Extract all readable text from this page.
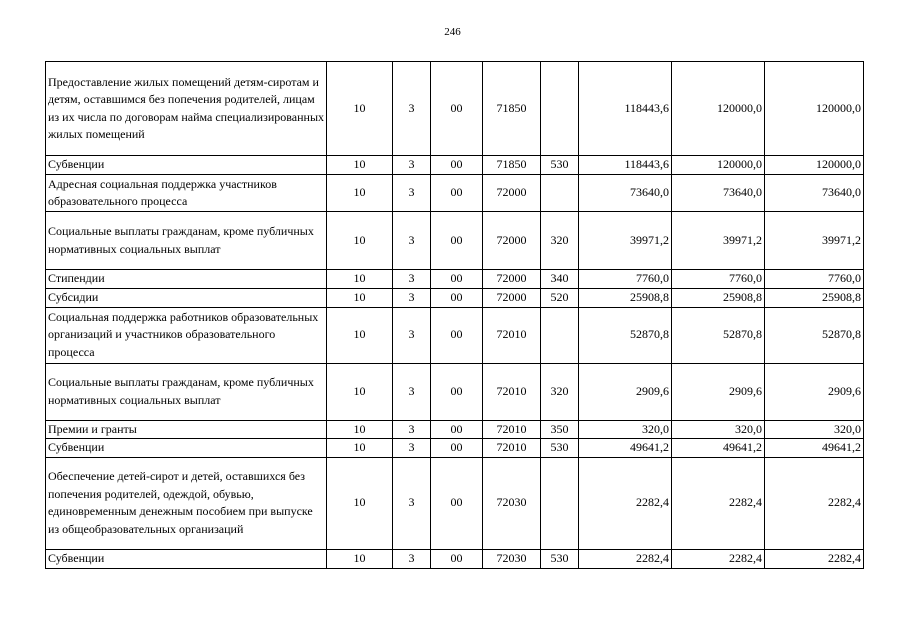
246
Предоставление жилых помещений детям-сиротам и детям, оставшимся без попечения родителей, лицам из их числа по договорам найма специализированных жилых помещений	10	3	00	71850		118443,6	120000,0	120000,0
Субвенции	10	3	00	71850	530	118443,6	120000,0	120000,0
Адресная социальная поддержка участников образовательного процесса	10	3	00	72000		73640,0	73640,0	73640,0
Социальные выплаты гражданам, кроме публичных нормативных социальных выплат	10	3	00	72000	320	39971,2	39971,2	39971,2
Стипендии	10	3	00	72000	340	7760,0	7760,0	7760,0
Субсидии	10	3	00	72000	520	25908,8	25908,8	25908,8
Социальная поддержка работников образовательных организаций и участников образовательного процесса	10	3	00	72010		52870,8	52870,8	52870,8
Социальные выплаты гражданам, кроме публичных нормативных социальных выплат	10	3	00	72010	320	2909,6	2909,6	2909,6
Премии и гранты	10	3	00	72010	350	320,0	320,0	320,0
Субвенции	10	3	00	72010	530	49641,2	49641,2	49641,2
Обеспечение детей-сирот и детей, оставшихся без попечения родителей, одеждой, обувью, единовременным денежным пособием при выпуске из общеобразовательных организаций	10	3	00	72030		2282,4	2282,4	2282,4
Субвенции	10	3	00	72030	530	2282,4	2282,4	2282,4
